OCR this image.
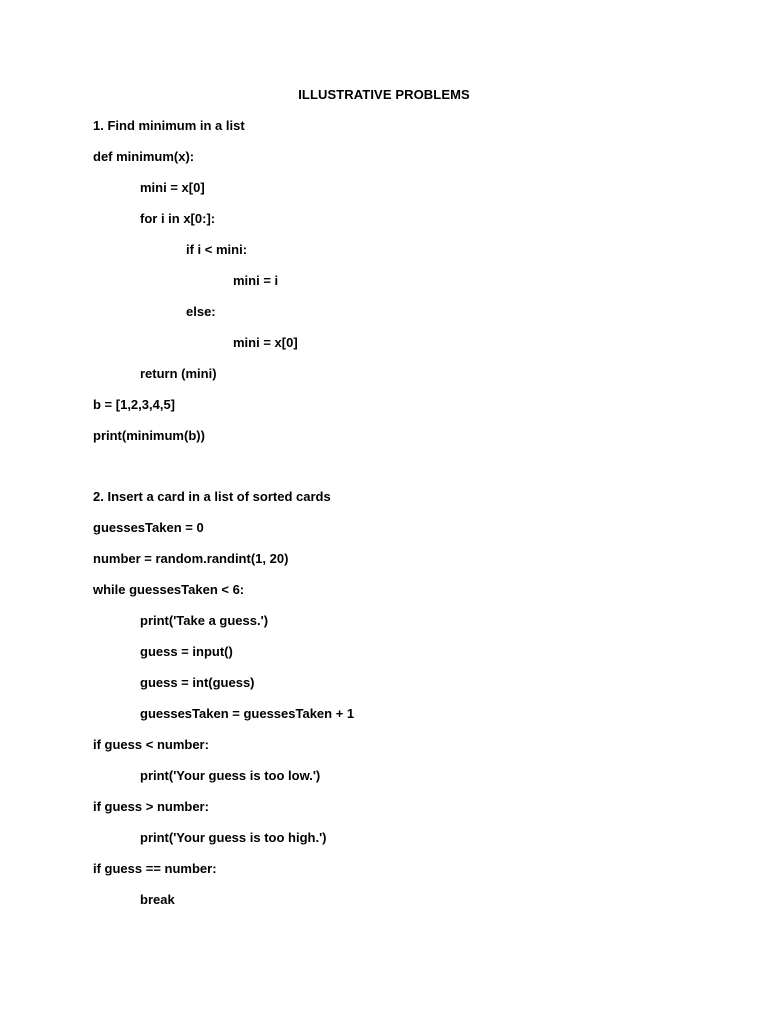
ILLUSTRATIVE PROBLEMS
1. Find minimum in a list
def minimum(x):
mini = x[0]
for i in x[0:]:
if i < mini:
mini = i
else:
mini = x[0]
return (mini)
b = [1,2,3,4,5]
print(minimum(b))
2. Insert a card in a list of sorted cards
guessesTaken = 0
number = random.randint(1, 20)
while guessesTaken < 6:
print('Take a guess.')
guess = input()
guess = int(guess)
guessesTaken = guessesTaken + 1
if guess < number:
print('Your guess is too low.')
if guess > number:
print('Your guess is too high.')
if guess == number:
break
